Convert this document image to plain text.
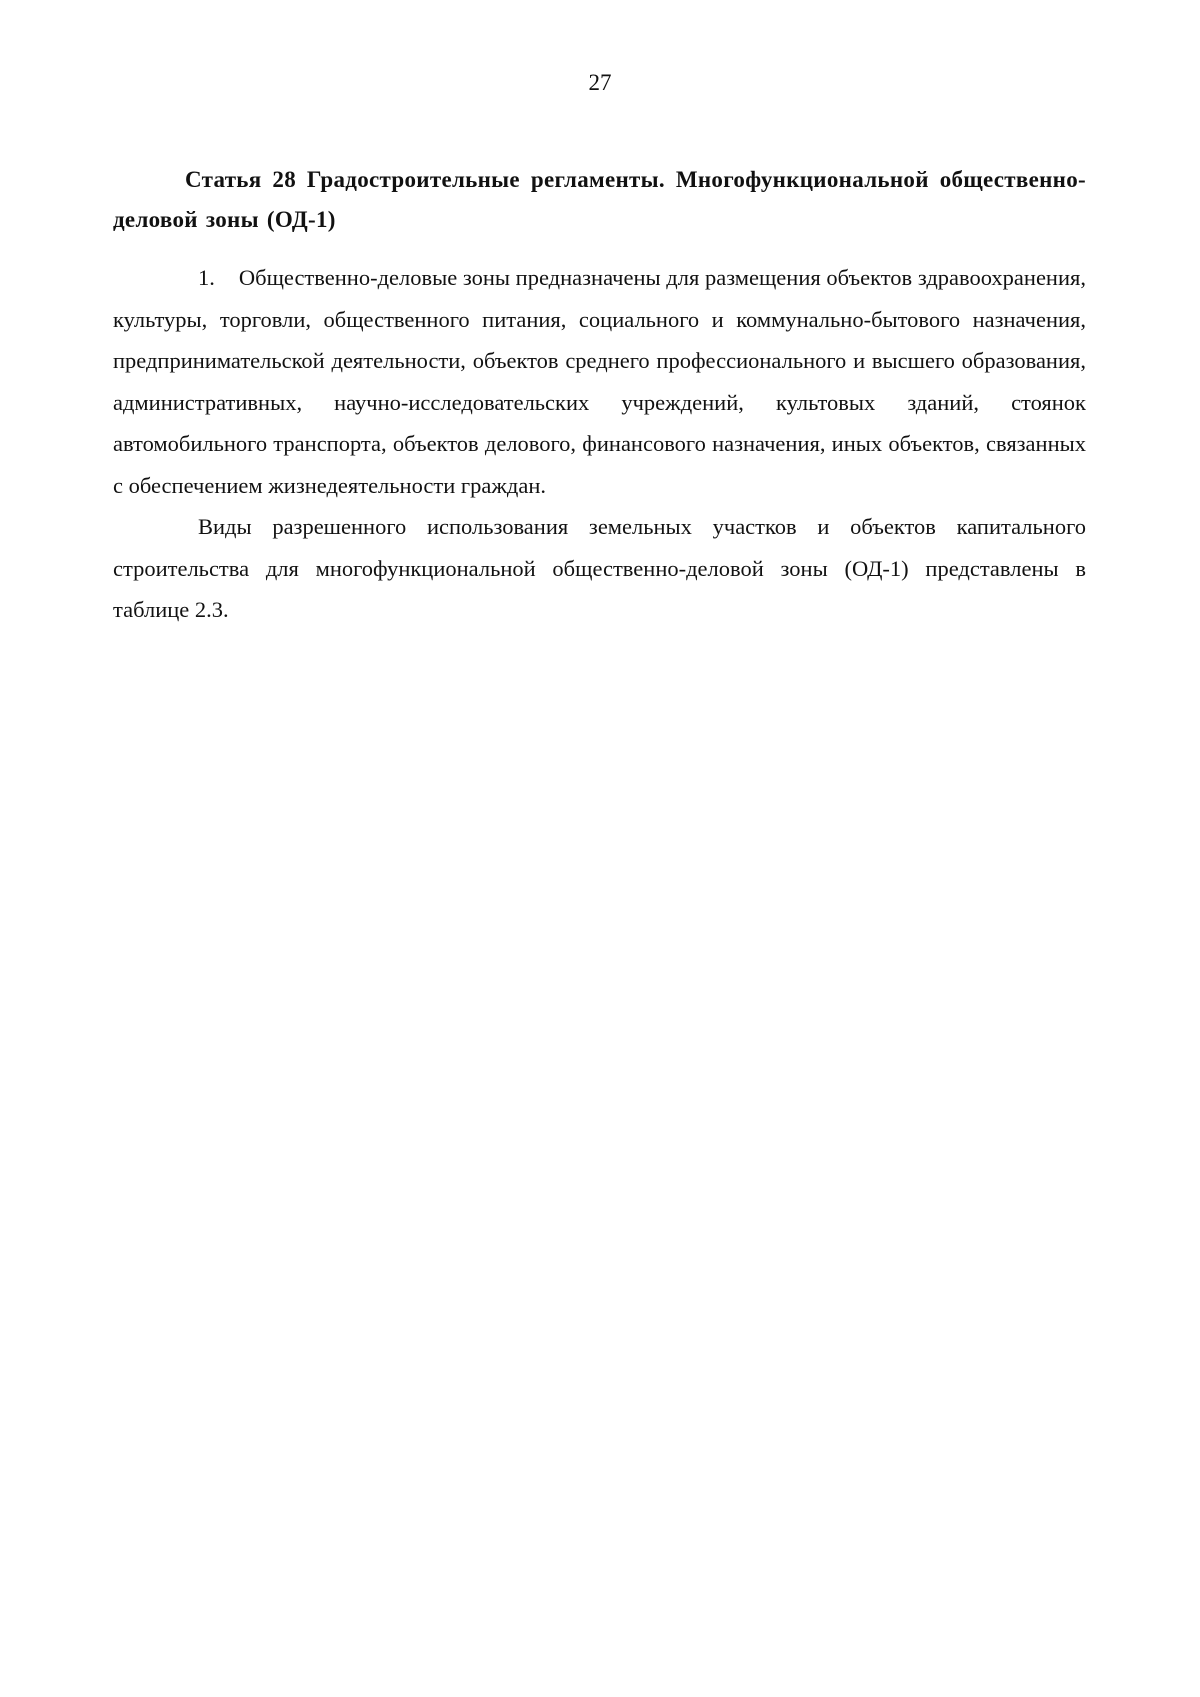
27

Статья 28 Градостроительные регламенты. Многофункциональной общественно-деловой зоны (ОД-1)

1. Общественно-деловые зоны предназначены для размещения объектов здравоохранения, культуры, торговли, общественного питания, социального и коммунально-бытового назначения, предпринимательской деятельности, объектов среднего профессионального и высшего образования, административных, научно-исследовательских учреждений, культовых зданий, стоянок автомобильного транспорта, объектов делового, финансового назначения, иных объектов, связанных с обеспечением жизнедеятельности граждан.

Виды разрешенного использования земельных участков и объектов капитального строительства для многофункциональной общественно-деловой зоны (ОД-1) представлены в таблице 2.3.
